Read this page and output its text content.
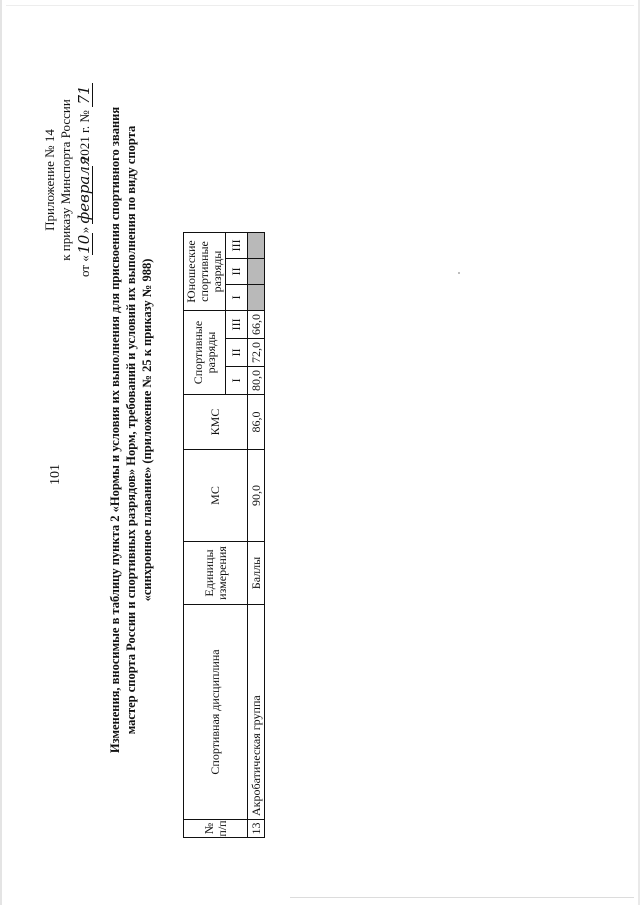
101
Приложение № 14 к приказу Минспорта России
от «10» февраля 2021 г. № 71
Изменения, вносимые в таблицу пункта 2 «Нормы и условия их выполнения для присвоения спортивного звания мастер спорта России и спортивных разрядов» Норм, требований и условий их выполнения по виду спорта «синхронное плавание» (приложение № 25 к приказу № 988)
№ п/п	Спортивная дисциплина	Единицы измерения	МС	КМС	Спортивные разряды			Юношеские спортивные разряды		
					I	II	III	I	II	III
13	Акробатическая группа	Баллы	90,0	86,0	80,0	72,0	66,0			
